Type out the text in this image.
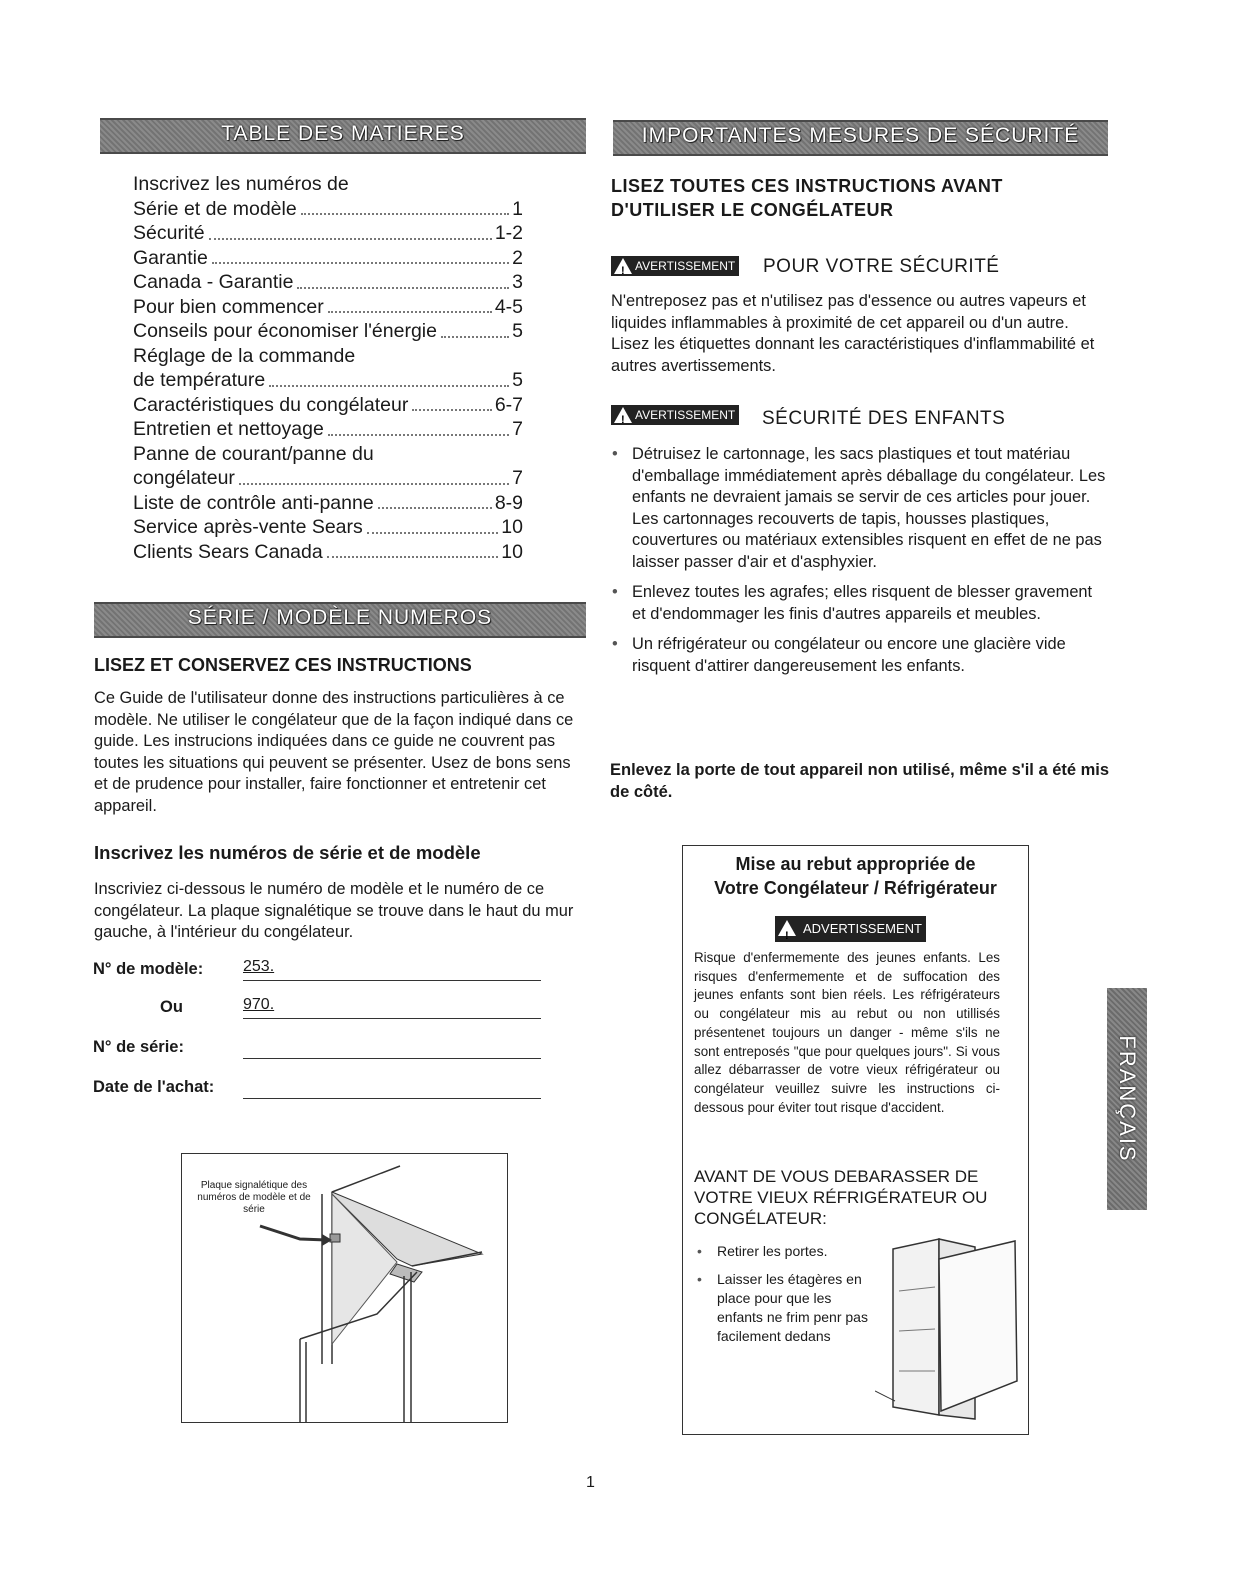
TABLE DES MATIERES
Inscrivez les numéros de
Série et de modèle	1
Sécurité	1-2
Garantie	2
Canada - Garantie	3
Pour bien commencer	4-5
Conseils pour économiser l'énergie	5
Réglage de la commande
de température	5
Caractéristiques du congélateur	6-7
Entretien et nettoyage	7
Panne de courant/panne du
congélateur	7
Liste de contrôle anti-panne	8-9
Service après-vente Sears	10
Clients Sears Canada	10
SÉRIE / MODÈLE NUMEROS
LISEZ ET CONSERVEZ CES INSTRUCTIONS
Ce Guide de l'utilisateur donne des instructions particulières à ce modèle. Ne utiliser le congélateur que de la façon indiqué dans ce guide. Les instrucions indiquées dans ce guide ne couvrent pas toutes les situations qui peuvent se présenter. Usez de bons sens et de prudence pour installer, faire fonctionner et entretenir cet appareil.
Inscrivez les numéros de série et de modèle
Inscriviez ci-dessous le numéro de modèle et le numéro de ce congélateur. La plaque signalétique se trouve dans le haut du mur gauche, à l'intérieur du congélateur.
N° de modèle: 253.
Ou	970.
N° de série:
Date de l'achat:
Plaque signalétique des numéros de modèle et de série
IMPORTANTES MESURES DE SÉCURITÉ
LISEZ TOUTES CES INSTRUCTIONS AVANT D'UTILISER LE CONGÉLATEUR
! AVERTISSEMENT POUR VOTRE SÉCURITÉ
N'entreposez pas et n'utilisez pas d'essence ou autres vapeurs et liquides inflammables à proximité de cet appareil ou d'un autre. Lisez les étiquettes donnant les caractéristiques d'inflammabilité et autres avertissements.
! AVERTISSEMENT SÉCURITÉ DES ENFANTS
• Détruisez le cartonnage, les sacs plastiques et tout matériau d'emballage immédiatement après déballage du congélateur. Les enfants ne devraient jamais se servir de ces articles pour jouer. Les cartonnages recouverts de tapis, housses plastiques, couvertures ou matériaux extensibles risquent en effet de ne pas laisser passer d'air et d'asphyxier.
• Enlevez toutes les agrafes; elles risquent de blesser gravement et d'endommager les finis d'autres appareils et meubles.
• Un réfrigérateur ou congélateur ou encore une glacière vide risquent d'attirer dangereusement les enfants.
Enlevez la porte de tout appareil non utilisé, même s'il a été mis de côté.
Mise au rebut appropriée de
Votre Congélateur / Réfrigérateur
! ADVERTISSEMENT
Risque d'enfermemente des jeunes enfants. Les risques d'enfermemente et de suffocation des jeunes enfants sont bien réels. Les réfrigérateurs ou congélateur mis au rebut ou non utillisés présentenet toujours un danger - même s'ils ne sont entreposés "que pour quelques jours". Si vous allez débarrasser de votre vieux réfrigérateur ou congélateur veuillez suivre les instructions ci-dessous pour éviter tout risque d'accident.
AVANT DE VOUS DEBARASSER DE VOTRE VIEUX RÉFRIGÉRATEUR OU CONGÉLATEUR:
• Retirer les portes.
• Laisser les étagères en place pour que les enfants ne frim penr pas facilement dedans
FRANÇAIS
1
